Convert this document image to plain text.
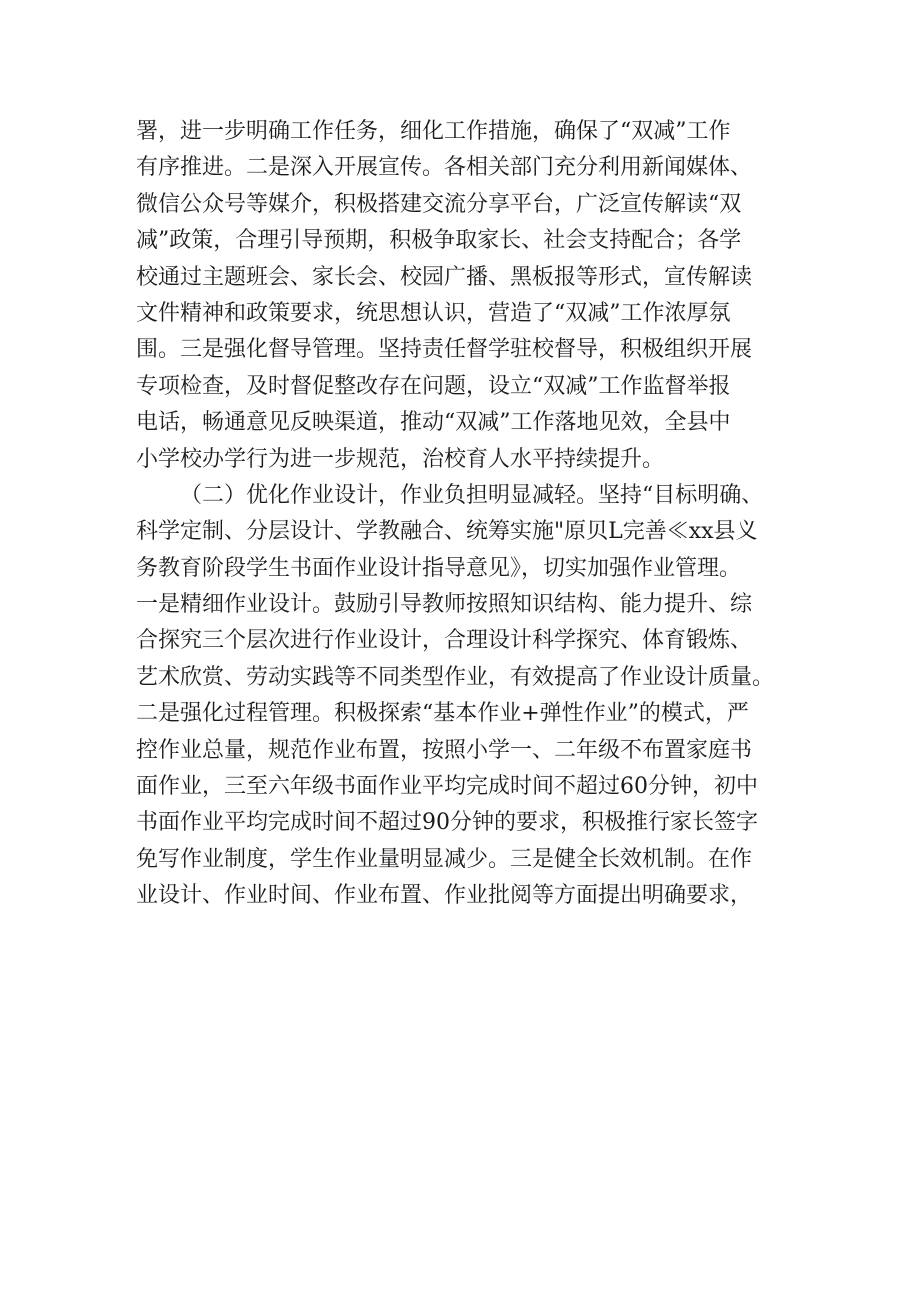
署，进一步明确工作任务，细化工作措施，确保了“双减”工作
有序推进。二是深入开展宣传。各相关部门充分利用新闻媒体、
微信公众号等媒介，积极搭建交流分享平台，广泛宣传解读“双
减”政策，合理引导预期，积极争取家长、社会支持配合；各学
校通过主题班会、家长会、校园广播、黑板报等形式，宣传解读
文件精神和政策要求，统思想认识，营造了“双减”工作浓厚氛
围。三是强化督导管理。坚持责任督学驻校督导，积极组织开展
专项检查，及时督促整改存在问题，设立“双减”工作监督举报
电话，畅通意见反映渠道，推动“双减”工作落地见效，全县中
小学校办学行为进一步规范，治校育人水平持续提升。
（二）优化作业设计，作业负担明显减轻。坚持“目标明确、
科学定制、分层设计、学教融合、统筹实施"原贝L完善≪xx县义
务教育阶段学生书面作业设计指导意见》，切实加强作业管理。
一是精细作业设计。鼓励引导教师按照知识结构、能力提升、综
合探究三个层次进行作业设计，合理设计科学探究、体育锻炼、
艺术欣赏、劳动实践等不同类型作业，有效提高了作业设计质量。
二是强化过程管理。积极探索“基本作业+弹性作业”的模式，严
控作业总量，规范作业布置，按照小学一、二年级不布置家庭书
面作业，三至六年级书面作业平均完成时间不超过60分钟，初中
书面作业平均完成时间不超过90分钟的要求，积极推行家长签字
免写作业制度，学生作业量明显减少。三是健全长效机制。在作
业设计、作业时间、作业布置、作业批阅等方面提出明确要求，
